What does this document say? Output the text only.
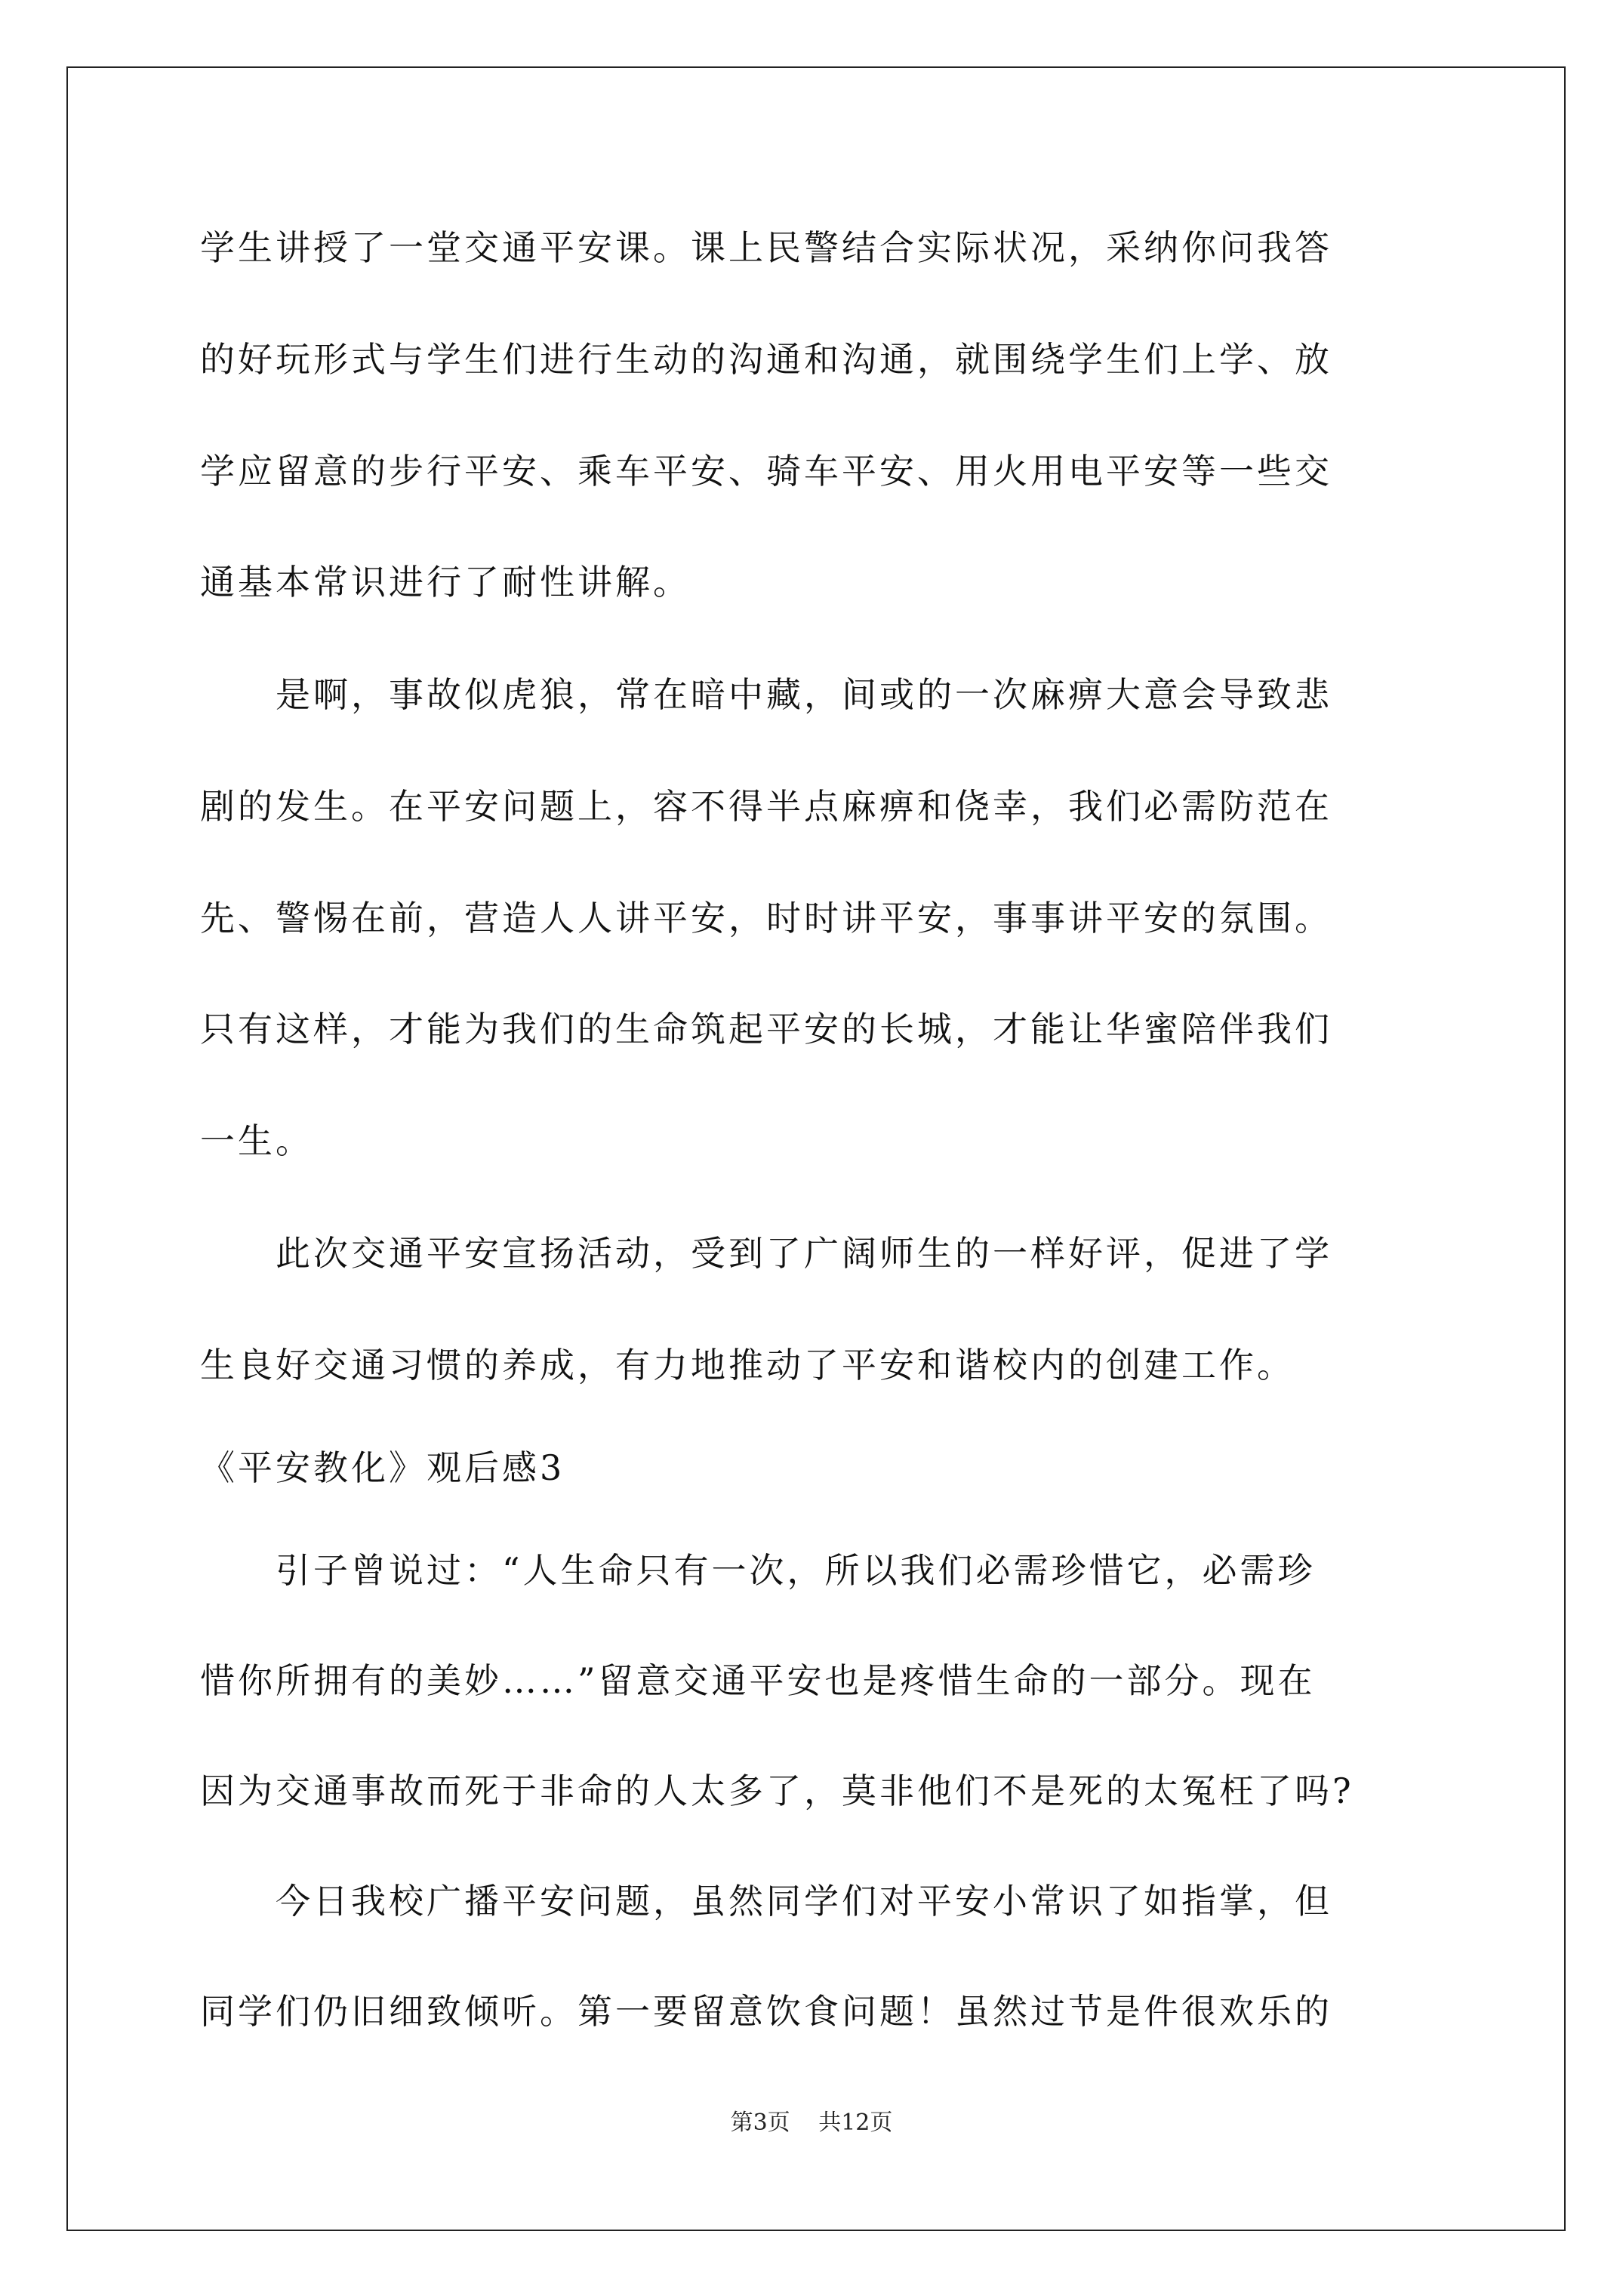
学生讲授了一堂交通平安课。课上民警结合实际状况，采纳你问我答
的好玩形式与学生们进行生动的沟通和沟通，就围绕学生们上学、放
学应留意的步行平安、乘车平安、骑车平安、用火用电平安等一些交
通基本常识进行了耐性讲解。
　　是啊，事故似虎狼，常在暗中藏，间或的一次麻痹大意会导致悲
剧的发生。在平安问题上，容不得半点麻痹和侥幸，我们必需防范在
先、警惕在前，营造人人讲平安，时时讲平安，事事讲平安的氛围。
只有这样，才能为我们的生命筑起平安的长城，才能让华蜜陪伴我们
一生。
　　此次交通平安宣扬活动，受到了广阔师生的一样好评，促进了学
生良好交通习惯的养成，有力地推动了平安和谐校内的创建工作。
《平安教化》观后感3
　　引子曾说过：“人生命只有一次，所以我们必需珍惜它，必需珍
惜你所拥有的美妙……”留意交通平安也是疼惜生命的一部分。现在
因为交通事故而死于非命的人太多了，莫非他们不是死的太冤枉了吗?
　　今日我校广播平安问题，虽然同学们对平安小常识了如指掌，但
同学们仍旧细致倾听。第一要留意饮食问题！虽然过节是件很欢乐的
第3页 共12页
